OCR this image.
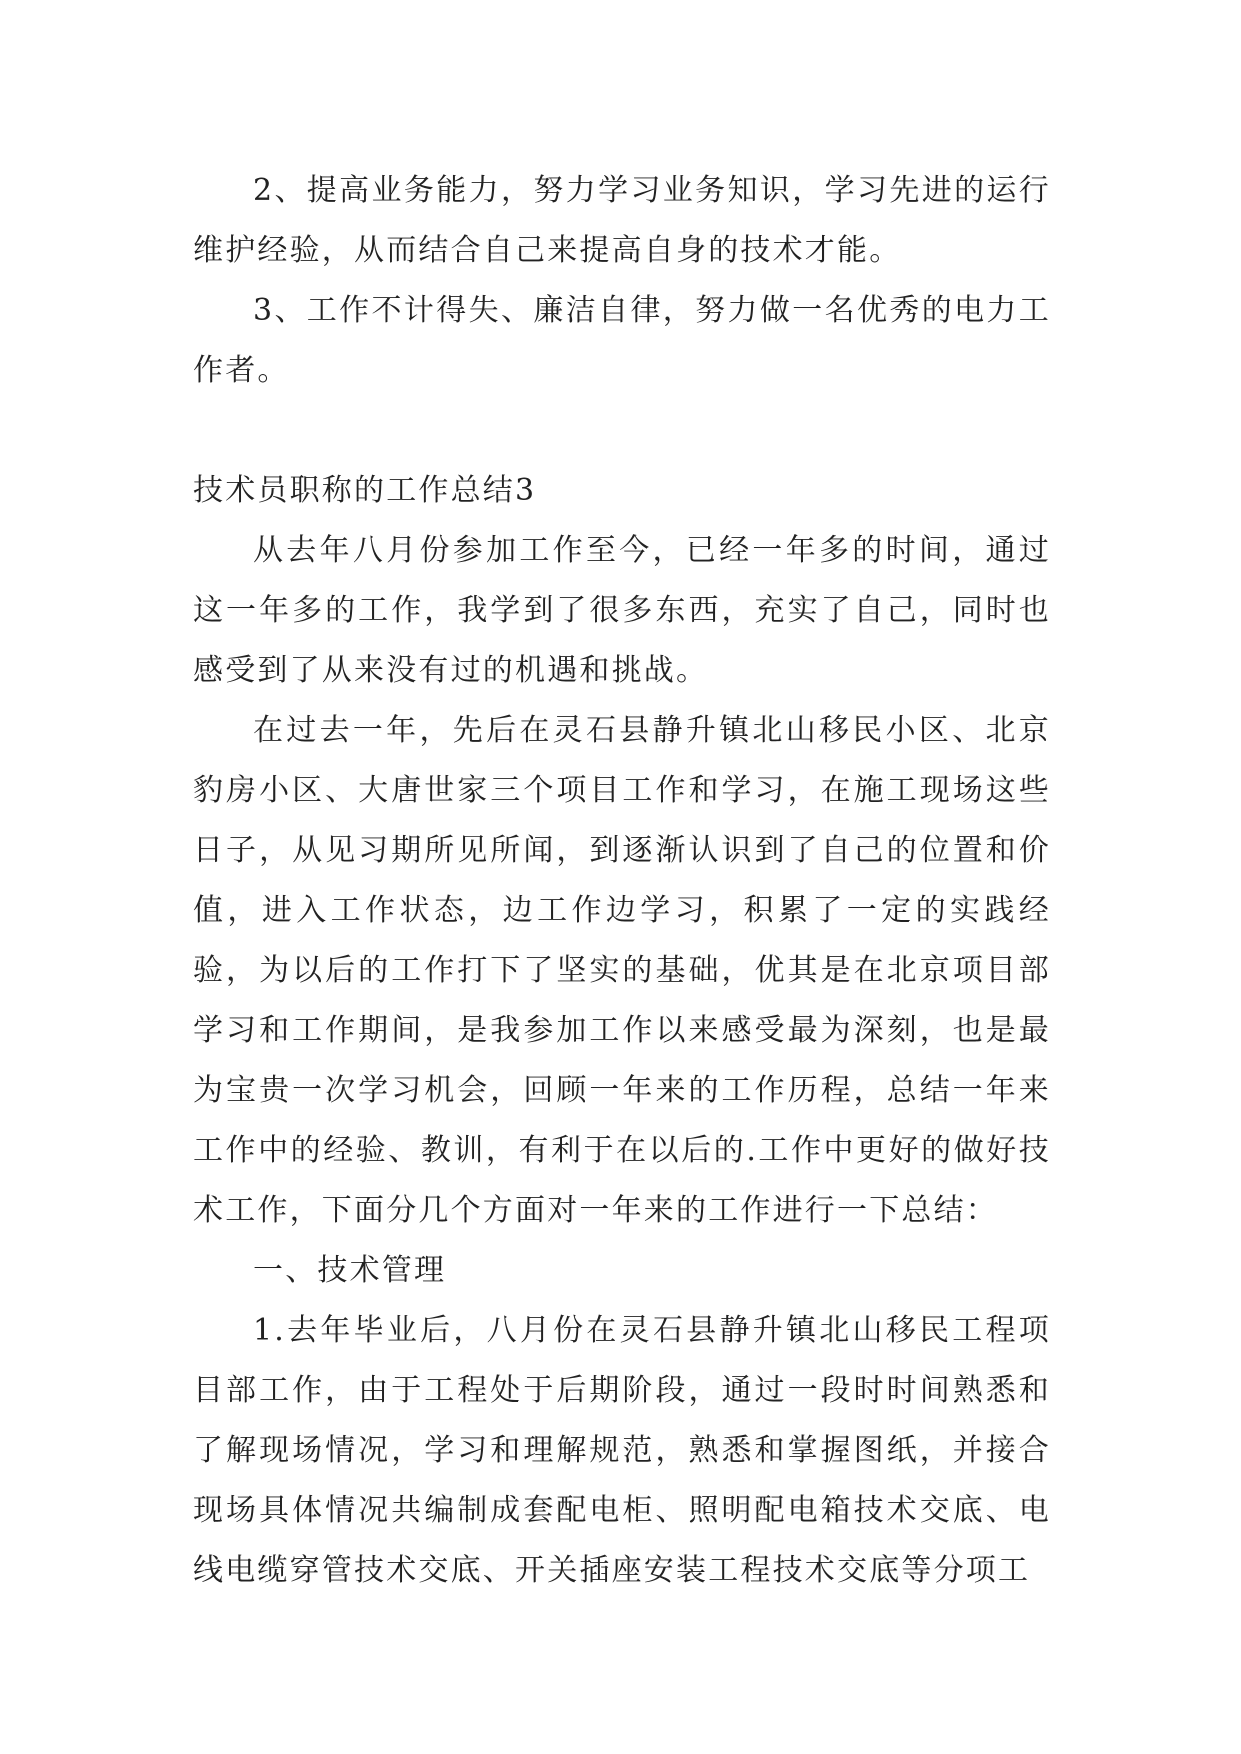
2、提高业务能力，努力学习业务知识，学习先进的运行维护经验，从而结合自己来提高自身的技术才能。

3、工作不计得失、廉洁自律，努力做一名优秀的电力工作者。

技术员职称的工作总结3

从去年八月份参加工作至今，已经一年多的时间，通过这一年多的工作，我学到了很多东西，充实了自己，同时也感受到了从来没有过的机遇和挑战。

在过去一年，先后在灵石县静升镇北山移民小区、北京豹房小区、大唐世家三个项目工作和学习，在施工现场这些日子，从见习期所见所闻，到逐渐认识到了自己的位置和价值，进入工作状态，边工作边学习，积累了一定的实践经验，为以后的工作打下了坚实的基础，优其是在北京项目部学习和工作期间，是我参加工作以来感受最为深刻，也是最为宝贵一次学习机会，回顾一年来的工作历程，总结一年来工作中的经验、教训，有利于在以后的.工作中更好的做好技术工作，下面分几个方面对一年来的工作进行一下总结：

一、技术管理

1.去年毕业后，八月份在灵石县静升镇北山移民工程项目部工作，由于工程处于后期阶段，通过一段时时间熟悉和了解现场情况，学习和理解规范，熟悉和掌握图纸，并接合现场具体情况共编制成套配电柜、照明配电箱技术交底、电线电缆穿管技术交底、开关插座安装工程技术交底等分项工
